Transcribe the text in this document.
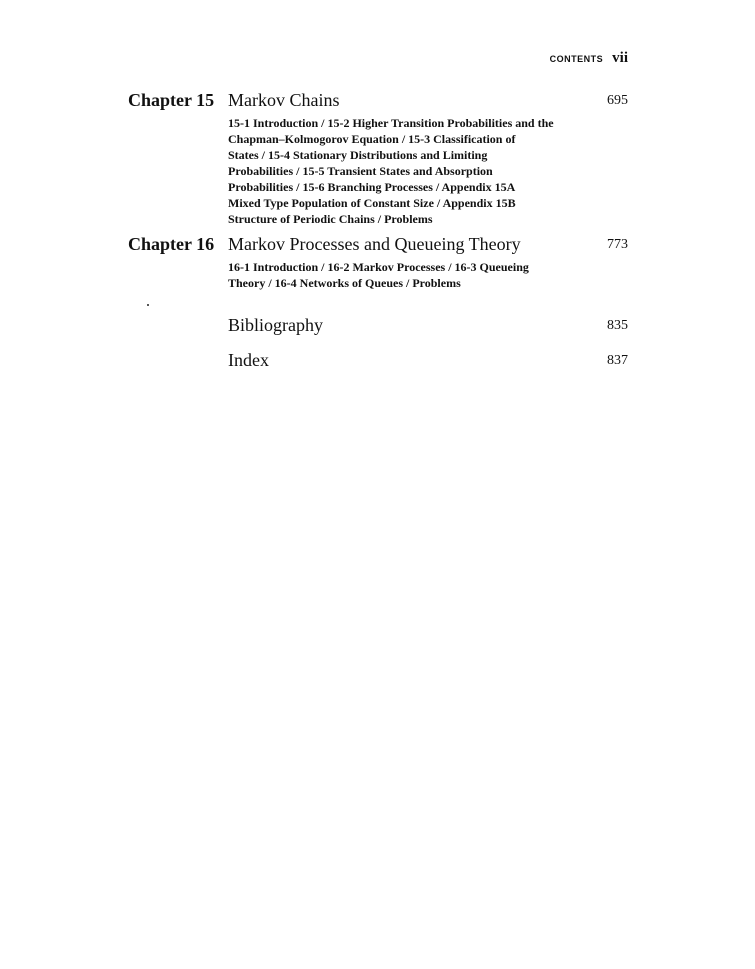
CONTENTS vii
Chapter 15 Markov Chains	695
15-1 Introduction / 15-2 Higher Transition Probabilities and the
Chapman–Kolmogorov Equation / 15-3 Classification of
States / 15-4 Stationary Distributions and Limiting
Probabilities / 15-5 Transient States and Absorption
Probabilities / 15-6 Branching Processes / Appendix 15A
Mixed Type Population of Constant Size / Appendix 15B
Structure of Periodic Chains / Problems
Chapter 16 Markov Processes and Queueing Theory	773
16-1 Introduction / 16-2 Markov Processes / 16-3 Queueing
Theory / 16-4 Networks of Queues / Problems
Bibliography	835
Index	837
